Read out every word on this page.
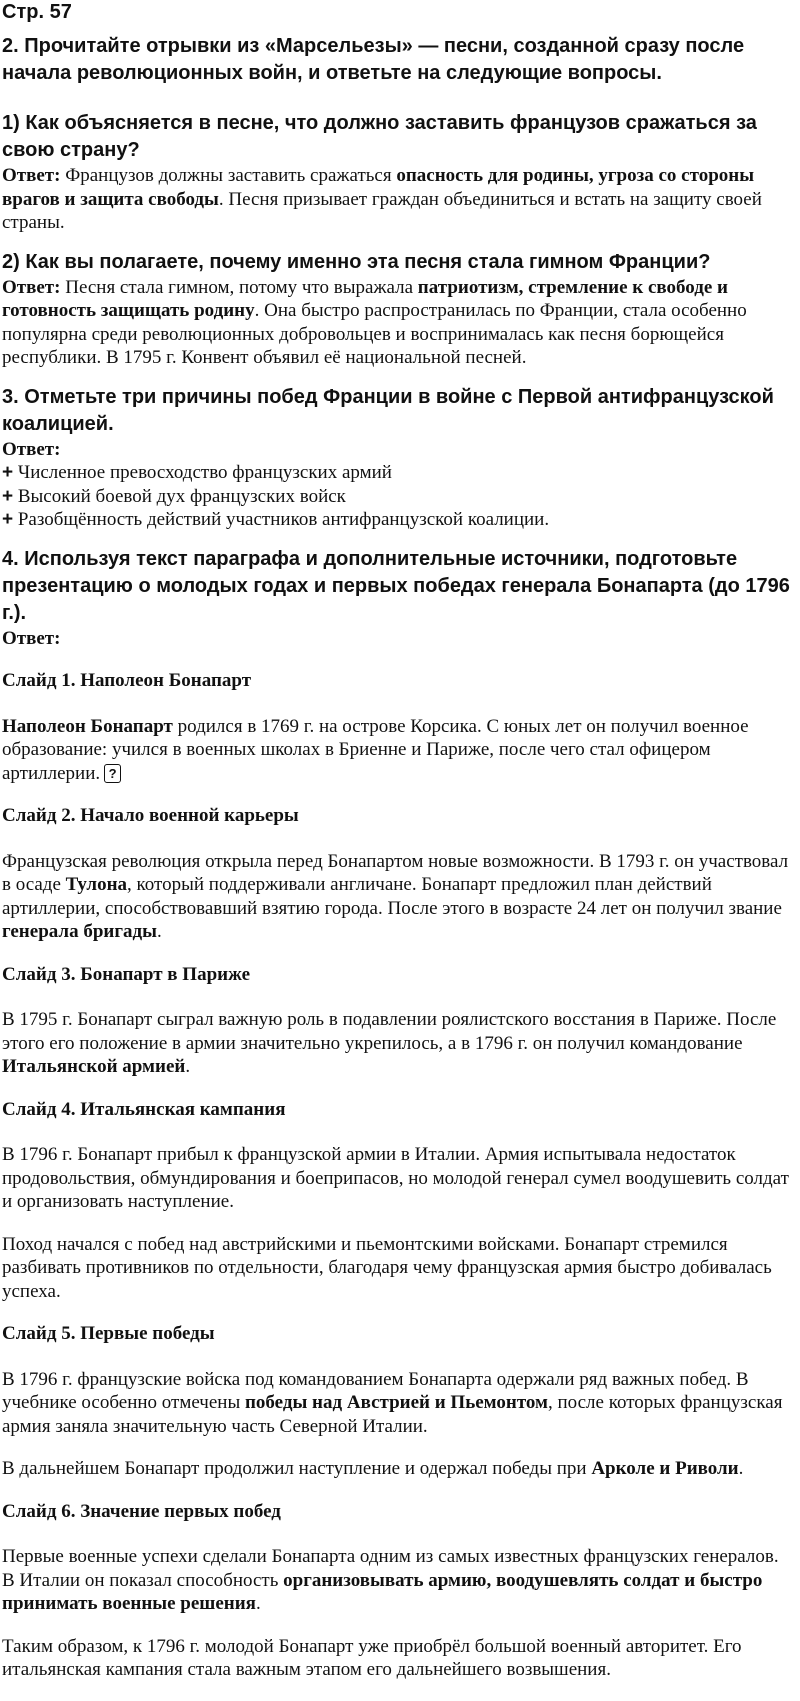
Стр. 57

2. Прочитайте отрывки из «Марсельезы» — песни, созданной сразу после начала революционных войн, и ответьте на следующие вопросы.

1) Как объясняется в песне, что должно заставить французов сражаться за свою страну?

Ответ: Французов должны заставить сражаться опасность для родины, угроза со стороны врагов и защита свободы. Песня призывает граждан объединиться и встать на защиту своей страны.

2) Как вы полагаете, почему именно эта песня стала гимном Франции?

Ответ: Песня стала гимном, потому что выражала патриотизм, стремление к свободе и готовность защищать родину. Она быстро распространилась по Франции, стала особенно популярна среди революционных добровольцев и воспринималась как песня борющейся республики. В 1795 г. Конвент объявил её национальной песней.

3. Отметьте три причины побед Франции в войне с Первой антифранцузской коалицией.

Ответ:

+ Численное превосходство французских армий

+ Высокий боевой дух французских войск

+ Разобщённость действий участников антифранцузской коалиции.

4. Используя текст параграфа и дополнительные источники, подготовьте презентацию о молодых годах и первых победах генерала Бонапарта (до 1796 г.).

Ответ:

Слайд 1. Наполеон Бонапарт

Наполеон Бонапарт родился в 1769 г. на острове Корсика. С юных лет он получил военное образование: учился в военных школах в Бриенне и Париже, после чего стал офицером артиллерии. ?

Слайд 2. Начало военной карьеры

Французская революция открыла перед Бонапартом новые возможности. В 1793 г. он участвовал в осаде Тулона, который поддерживали англичане. Бонапарт предложил план действий артиллерии, способствовавший взятию города. После этого в возрасте 24 лет он получил звание генерала бригады.

Слайд 3. Бонапарт в Париже

В 1795 г. Бонапарт сыграл важную роль в подавлении роялистского восстания в Париже. После этого его положение в армии значительно укрепилось, а в 1796 г. он получил командование Итальянской армией.

Слайд 4. Итальянская кампания

В 1796 г. Бонапарт прибыл к французской армии в Италии. Армия испытывала недостаток продовольствия, обмундирования и боеприпасов, но молодой генерал сумел воодушевить солдат и организовать наступление.

Поход начался с побед над австрийскими и пьемонтскими войсками. Бонапарт стремился разбивать противников по отдельности, благодаря чему французская армия быстро добивалась успеха.

Слайд 5. Первые победы

В 1796 г. французские войска под командованием Бонапарта одержали ряд важных побед. В учебнике особенно отмечены победы над Австрией и Пьемонтом, после которых французская армия заняла значительную часть Северной Италии.

В дальнейшем Бонапарт продолжил наступление и одержал победы при Арколе и Риволи.

Слайд 6. Значение первых побед

Первые военные успехи сделали Бонапарта одним из самых известных французских генералов. В Италии он показал способность организовывать армию, воодушевлять солдат и быстро принимать военные решения.

Таким образом, к 1796 г. молодой Бонапарт уже приобрёл большой военный авторитет. Его итальянская кампания стала важным этапом его дальнейшего возвышения.
